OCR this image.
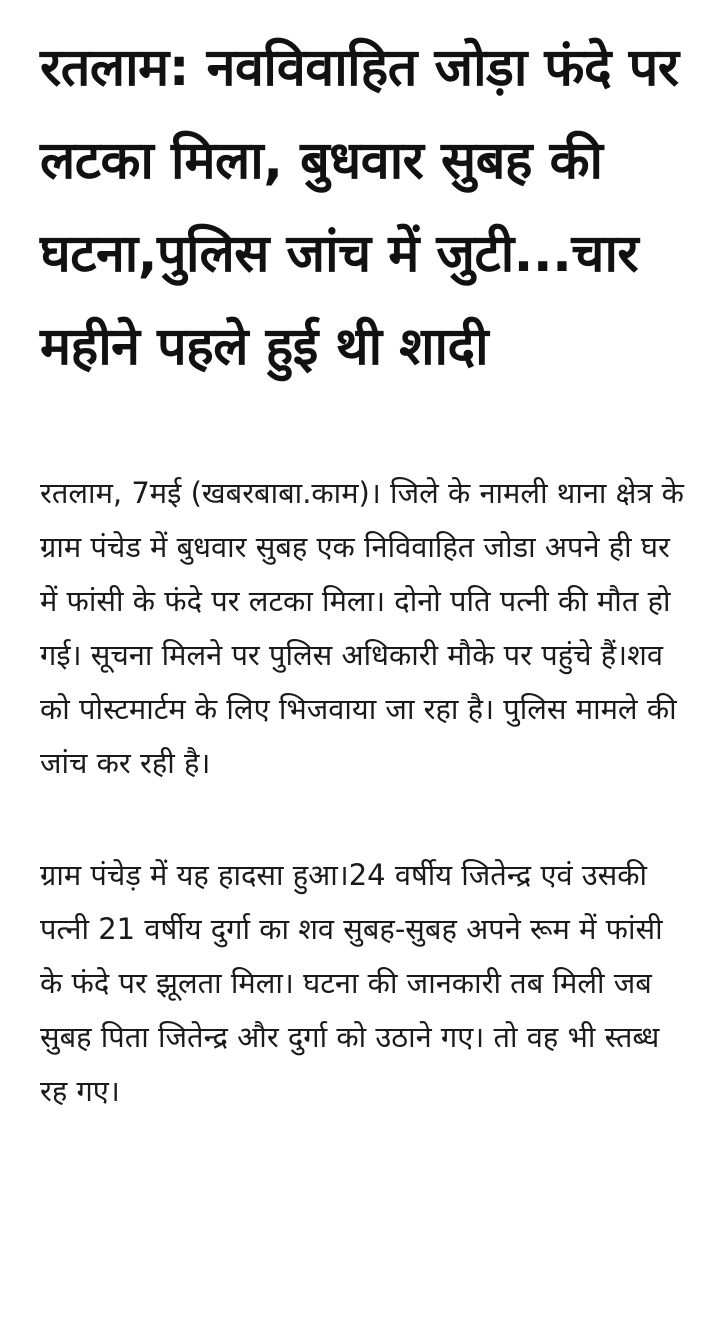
रतलाम: नवविवाहित जोड़ा फंदे पर लटका मिला, बुधवार सुबह की घटना,पुलिस जांच में जुटी...चार महीने पहले हुई थी शादी

रतलाम, 7मई (खबरबाबा.काम)। जिले के नामली थाना क्षेत्र के ग्राम पंचेड में बुधवार सुबह एक निविवाहित जोडा अपने ही घर में फांसी के फंदे पर लटका मिला। दोनो पति पत्नी की मौत हो गई। सूचना मिलने पर पुलिस अधिकारी मौके पर पहुंचे हैं।शव को पोस्टमार्टम के लिए भिजवाया जा रहा है। पुलिस मामले की जांच कर रही है।

ग्राम पंचेड़ में यह हादसा हुआ।24 वर्षीय जितेन्द्र एवं उसकी पत्नी 21 वर्षीय दुर्गा का शव सुबह-सुबह अपने रूम में फांसी के फंदे पर झूलता मिला। घटना की जानकारी तब मिली जब सुबह पिता जितेन्द्र और दुर्गा को उठाने गए। तो वह भी स्तब्ध रह गए।
